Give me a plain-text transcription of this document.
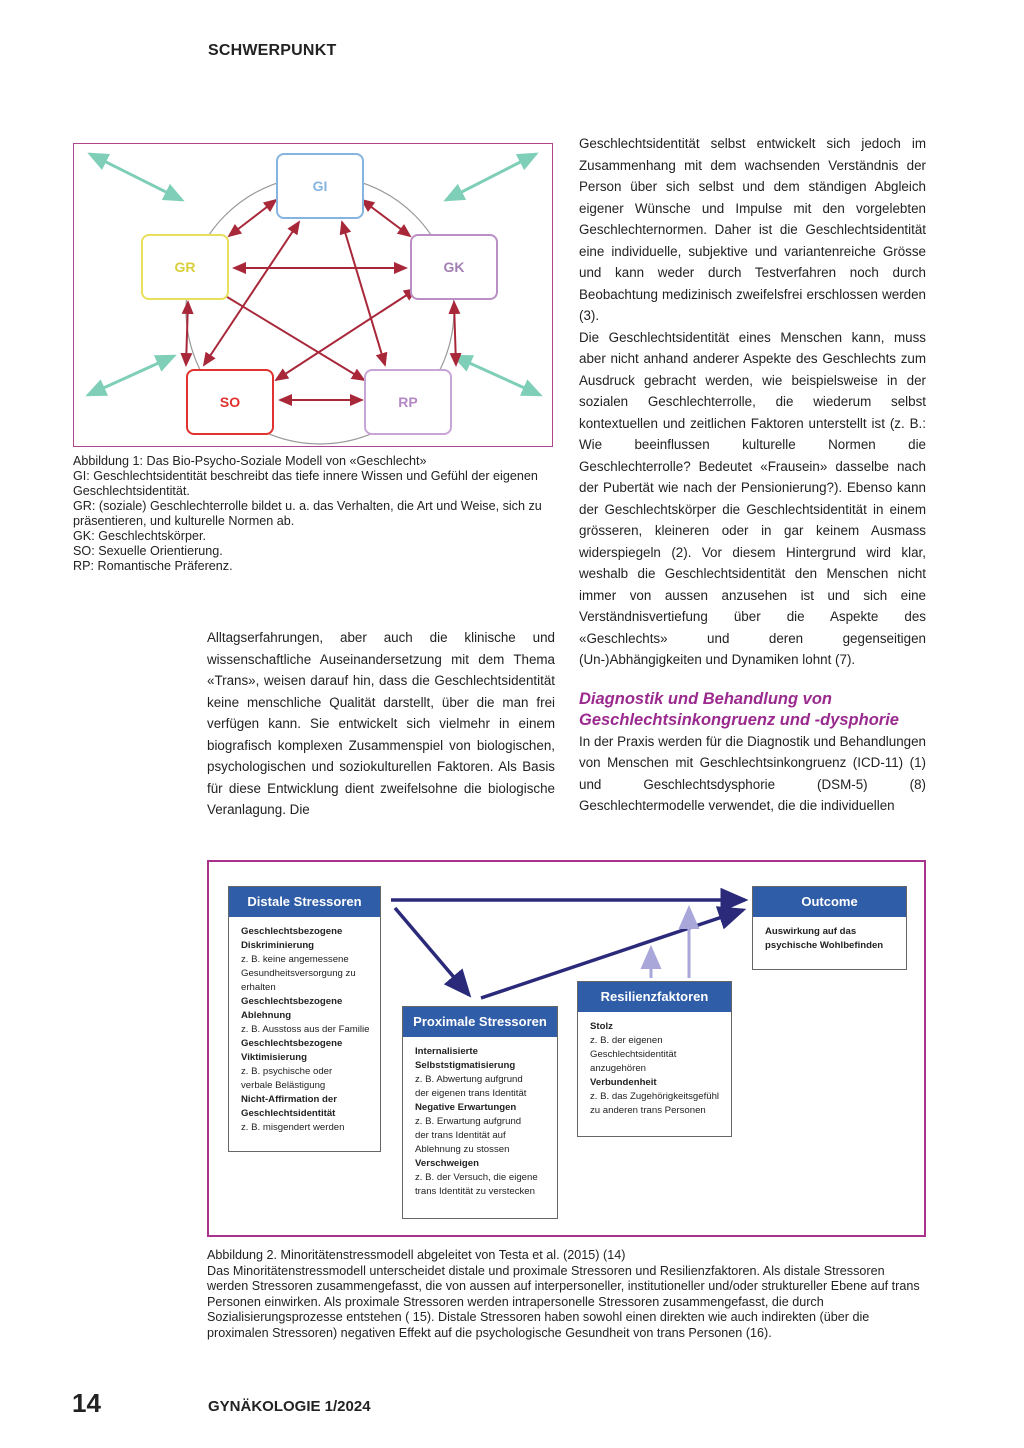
SCHWERPUNKT
14	GYNÄKOLOGIE 1/2024
GI
GR	GK
SO	RP
Abbildung 1: Das Bio-Psycho-Soziale Modell von «Geschlecht»
GI: Geschlechtsidentität beschreibt das tiefe innere Wissen und Gefühl der eigenen Geschlechtsidentität.
GR: (soziale) Geschlechterrolle bildet u. a. das Verhalten, die Art und Weise, sich zu präsentieren, und kulturelle Normen ab.
GK: Geschlechtskörper.
SO: Sexuelle Orientierung.
RP: Romantische Präferenz.

Geschlechtsidentität selbst entwickelt sich jedoch im Zusammenhang mit dem wachsenden Verständnis der Person über sich selbst und dem ständigen Abgleich eigener Wünsche und Impulse mit den vorgelebten Geschlechternormen. Daher ist die Geschlechtsidentität eine individuelle, subjektive und variantenreiche Grösse und kann weder durch Testverfahren noch durch Beobachtung medizinisch zweifelsfrei erschlossen werden (3).

Die Geschlechtsidentität eines Menschen kann, muss aber nicht anhand anderer Aspekte des Geschlechts zum Ausdruck gebracht werden, wie beispielsweise in der sozialen Geschlechterrolle, die wiederum selbst kontextuellen und zeitlichen Faktoren unterstellt ist (z. B.: Wie beeinflussen kulturelle Normen die Geschlechterrolle? Bedeutet «Frausein» dasselbe nach der Pubertät wie nach der Pensionierung?). Ebenso kann der Geschlechtskörper die Geschlechtsidentität in einem grösseren, kleineren oder in gar keinem Ausmass widerspiegeln (2). Vor diesem Hintergrund wird klar, weshalb die Geschlechtsidentität den Menschen nicht immer von aussen anzusehen ist und sich eine Verständnisvertiefung über die Aspekte des «Geschlechts» und deren gegenseitigen (Un-)Abhängigkeiten und Dynamiken lohnt (7).

Diagnostik und Behandlung von Geschlechtsinkongruenz und -dysphorie

In der Praxis werden für die Diagnostik und Behandlungen von Menschen mit Geschlechtsinkongruenz (ICD-11) (1) und Geschlechtsdysphorie (DSM-5) (8) Geschlechtermodelle verwendet, die die individuellen

Alltagserfahrungen, aber auch die klinische und wissenschaftliche Auseinandersetzung mit dem Thema «Trans», weisen darauf hin, dass die Geschlechtsidentität keine menschliche Qualität darstellt, über die man frei verfügen kann. Sie entwickelt sich vielmehr in einem biografisch komplexen Zusammenspiel von biologischen, psychologischen und soziokulturellen Faktoren. Als Basis für diese Entwicklung dient zweifelsohne die biologische Veranlagung. Die

Distale Stressoren
Geschlechtsbezogene
Diskriminierung
z. B. keine angemessene
Gesundheitsversorgung zu
erhalten
Geschlechtsbezogene
Ablehnung
z. B. Ausstoss aus der Familie
Geschlechtsbezogene
Viktimisierung
z. B. psychische oder
verbale Belästigung
Nicht-Affirmation der
Geschlechtsidentität
z. B. misgendert werden
Proximale Stressoren
Internalisierte
Selbststigmatisierung
z. B. Abwertung aufgrund
der eigenen trans Identität
Negative Erwartungen
z. B. Erwartung aufgrund
der trans Identität auf
Ablehnung zu stossen
Verschweigen
z. B. der Versuch, die eigene
trans Identität zu verstecken
Resilienzfaktoren
Stolz
z. B. der eigenen
Geschlechtsidentität
anzugehören
Verbundenheit
z. B. das Zugehörigkeitsgefühl
zu anderen trans Personen
Outcome
Auswirkung auf das
psychische Wohlbefinden
Abbildung 2. Minoritätenstressmodell abgeleitet von Testa et al. (2015) (14)
Das Minoritätenstressmodell unterscheidet distale und proximale Stressoren und Resilienzfaktoren. Als distale Stressoren werden Stressoren zusammengefasst, die von aussen auf interpersoneller, institutioneller und/oder struktureller Ebene auf trans Personen einwirken. Als proximale Stressoren werden intrapersonelle Stressoren zusammengefasst, die durch Sozialisierungsprozesse entstehen ( 15). Distale Stressoren haben sowohl einen direkten wie auch indirekten (über die proximalen Stressoren) negativen Effekt auf die psychologische Gesundheit von trans Personen (16).
